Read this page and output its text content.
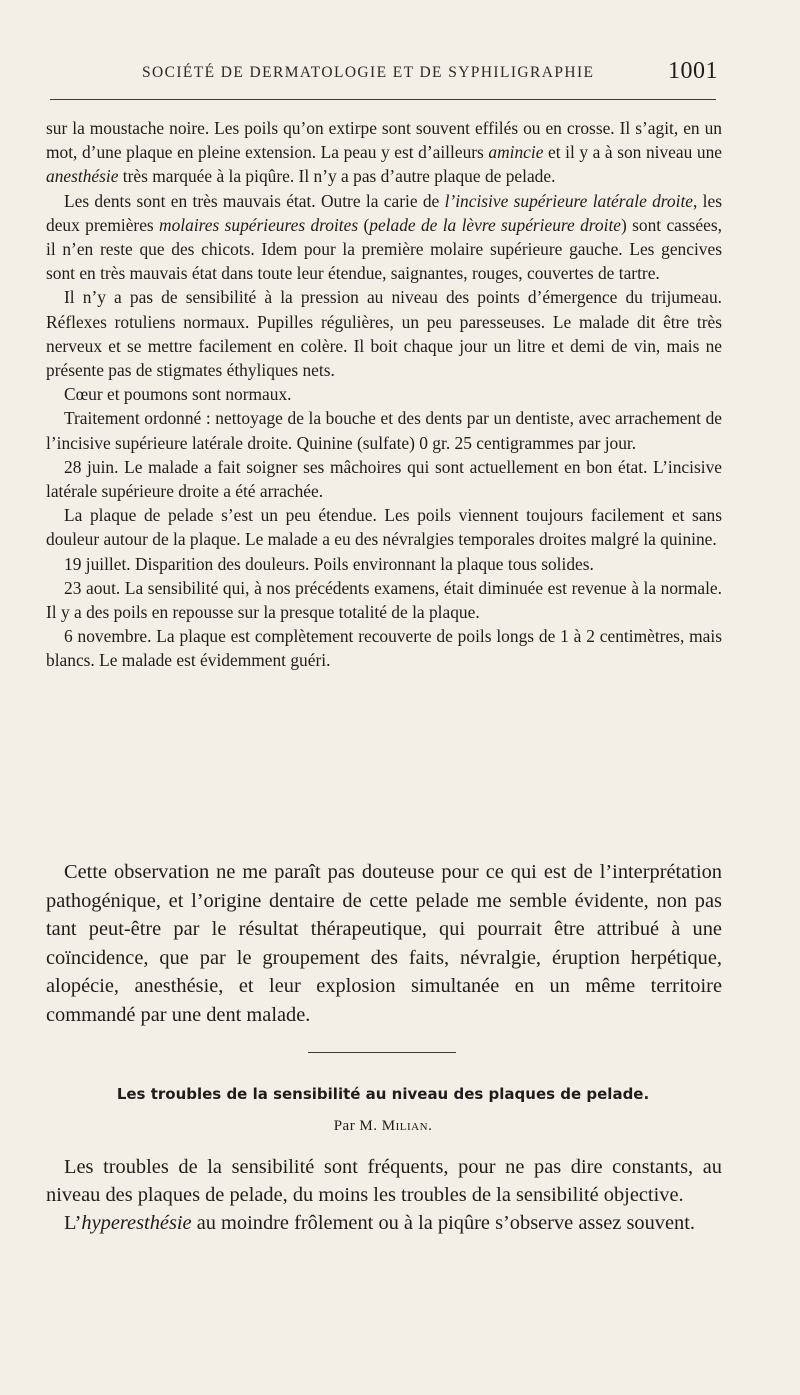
SOCIÉTÉ DE DERMATOLOGIE ET DE SYPHILIGRAPHIE	1001

sur la moustache noire. Les poils qu’on extirpe sont souvent effilés ou en crosse. Il s’agit, en un mot, d’une plaque en pleine extension. La peau y est d’ailleurs amincie et il y a à son niveau une anesthésie très marquée à la piqûre. Il n’y a pas d’autre plaque de pelade.

Les dents sont en très mauvais état. Outre la carie de l’incisive supérieure latérale droite, les deux premières molaires supérieures droites (pelade de la lèvre supérieure droite) sont cassées, il n’en reste que des chicots. Idem pour la première molaire supérieure gauche. Les gencives sont en très mauvais état dans toute leur étendue, saignantes, rouges, couvertes de tartre.

Il n’y a pas de sensibilité à la pression au niveau des points d’émergence du trijumeau. Réflexes rotuliens normaux. Pupilles régulières, un peu paresseuses. Le malade dit être très nerveux et se mettre facilement en colère. Il boit chaque jour un litre et demi de vin, mais ne présente pas de stigmates éthyliques nets.

Cœur et poumons sont normaux.

Traitement ordonné : nettoyage de la bouche et des dents par un dentiste, avec arrachement de l’incisive supérieure latérale droite. Quinine (sulfate) 0 gr. 25 centigrammes par jour.

28 juin. Le malade a fait soigner ses mâchoires qui sont actuellement en bon état. L’incisive latérale supérieure droite a été arrachée.

La plaque de pelade s’est un peu étendue. Les poils viennent toujours facilement et sans douleur autour de la plaque. Le malade a eu des névralgies temporales droites malgré la quinine.

19 juillet. Disparition des douleurs. Poils environnant la plaque tous solides.

23 aout. La sensibilité qui, à nos précédents examens, était diminuée est revenue à la normale. Il y a des poils en repousse sur la presque totalité de la plaque.

6 novembre. La plaque est complètement recouverte de poils longs de 1 à 2 centimètres, mais blancs. Le malade est évidemment guéri.

Cette observation ne me paraît pas douteuse pour ce qui est de l’interprétation pathogénique, et l’origine dentaire de cette pelade me semble évidente, non pas tant peut-être par le résultat thérapeutique, qui pourrait être attribué à une coïncidence, que par le groupement des faits, névralgie, éruption herpétique, alopécie, anesthésie, et leur explosion simultanée en un même territoire commandé par une dent malade.

Les troubles de la sensibilité au niveau des plaques de pelade.
Par M. Milian.

Les troubles de la sensibilité sont fréquents, pour ne pas dire constants, au niveau des plaques de pelade, du moins les troubles de la sensibilité objective.

L’hyperesthésie au moindre frôlement ou à la piqûre s’observe assez souvent.
